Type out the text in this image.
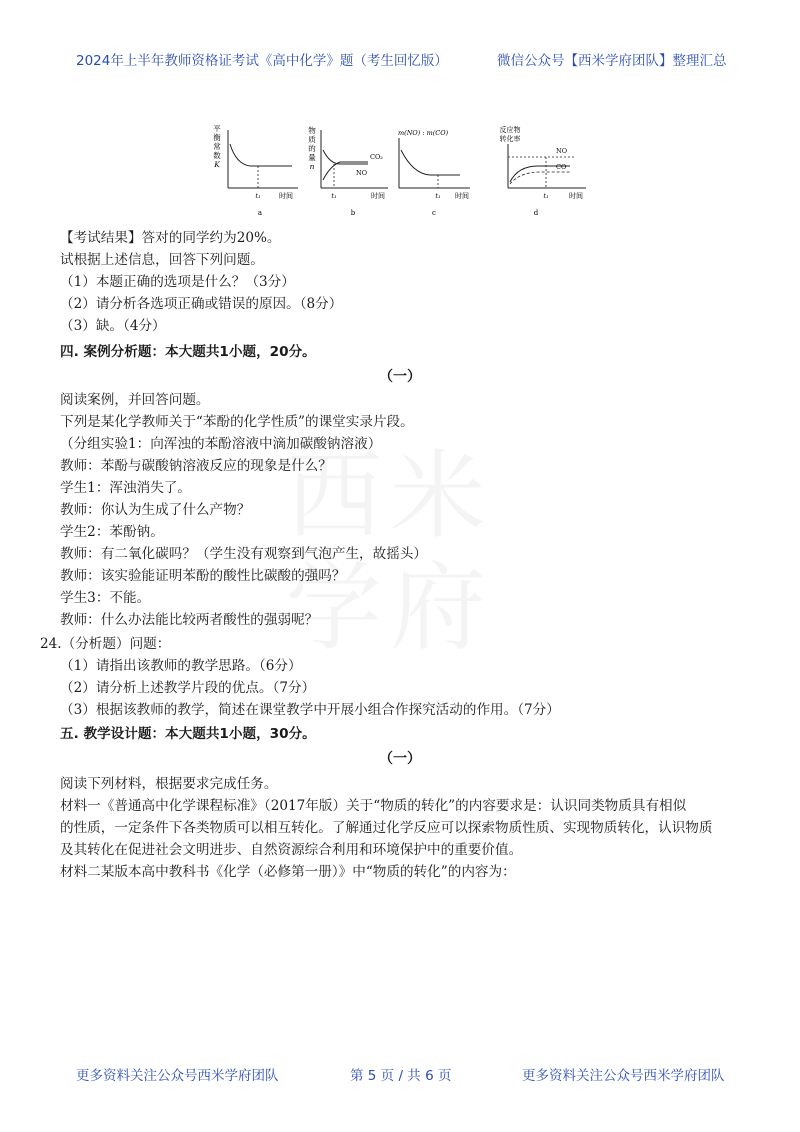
2024年上半年教师资格证考试《高中化学》题（考生回忆版）	微信公众号【西米学府团队】整理汇总
平
衡
常
数
K
t₁	时间
a
物
质
的
量
n
CO₂
NO
t₁	时间
b
m(NO) : m(CO)
t₁ 时间
c
反应物
转化率
NO
CO
t₁	时间
d
【考试结果】答对的同学约为20%。
试根据上述信息，回答下列问题。
（1）本题正确的选项是什么？（3分）
（2）请分析各选项正确或错误的原因。（8分）
（3）缺。（4分）
四. 案例分析题：本大题共1小题，20分。
（一）
阅读案例，并回答问题。
下列是某化学教师关于“苯酚的化学性质”的课堂实录片段。
（分组实验1：向浑浊的苯酚溶液中滴加碳酸钠溶液）
教师：苯酚与碳酸钠溶液反应的现象是什么？
学生1：浑浊消失了。
教师：你认为生成了什么产物？
学生2：苯酚钠。
教师：有二氧化碳吗？（学生没有观察到气泡产生，故摇头）
教师：该实验能证明苯酚的酸性比碳酸的强吗？
学生3：不能。
教师：什么办法能比较两者酸性的强弱呢？
24.（分析题）问题：
（1）请指出该教师的教学思路。（6分）
（2）请分析上述教学片段的优点。（7分）
（3）根据该教师的教学，简述在课堂教学中开展小组合作探究活动的作用。（7分）
五. 教学设计题：本大题共1小题，30分。
（一）
阅读下列材料，根据要求完成任务。
材料一《普通高中化学课程标准》（2017年版）关于“物质的转化”的内容要求是：认识同类物质具有相似
的性质，一定条件下各类物质可以相互转化。了解通过化学反应可以探索物质性质、实现物质转化，认识物质
及其转化在促进社会文明进步、自然资源综合利用和环境保护中的重要价值。
材料二某版本高中教科书《化学（必修第一册）》中“物质的转化”的内容为：
更多资料关注公众号西米学府团队	第 5 页 / 共 6 页	更多资料关注公众号西米学府团队
